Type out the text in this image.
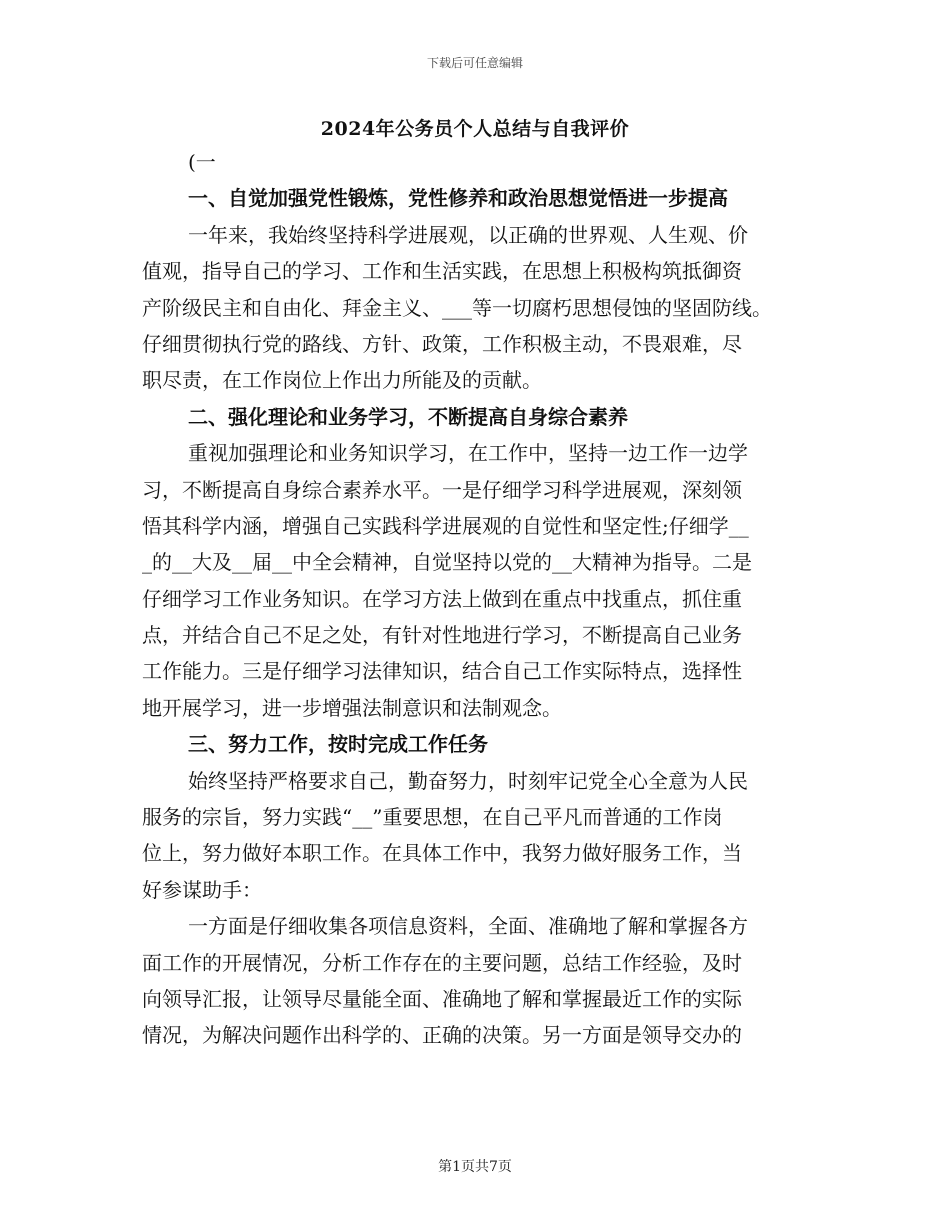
下载后可任意编辑
2024年公务员个人总结与自我评价
(一
一、自觉加强党性锻炼，党性修养和政治思想觉悟进一步提高
一年来，我始终坚持科学进展观，以正确的世界观、人生观、价
值观，指导自己的学习、工作和生活实践，在思想上积极构筑抵御资
产阶级民主和自由化、拜金主义、___等一切腐朽思想侵蚀的坚固防线。
仔细贯彻执行党的路线、方针、政策，工作积极主动，不畏艰难，尽
职尽责，在工作岗位上作出力所能及的贡献。
二、强化理论和业务学习，不断提高自身综合素养
重视加强理论和业务知识学习，在工作中，坚持一边工作一边学
习，不断提高自身综合素养水平。一是仔细学习科学进展观，深刻领
悟其科学内涵，增强自己实践科学进展观的自觉性和坚定性;仔细学__
_的__大及__届__中全会精神，自觉坚持以党的__大精神为指导。二是
仔细学习工作业务知识。在学习方法上做到在重点中找重点，抓住重
点，并结合自己不足之处，有针对性地进行学习，不断提高自己业务
工作能力。三是仔细学习法律知识，结合自己工作实际特点，选择性
地开展学习，进一步增强法制意识和法制观念。
三、努力工作，按时完成工作任务
始终坚持严格要求自己，勤奋努力，时刻牢记党全心全意为人民
服务的宗旨，努力实践“__”重要思想，在自己平凡而普通的工作岗
位上，努力做好本职工作。在具体工作中，我努力做好服务工作，当
好参谋助手：
一方面是仔细收集各项信息资料，全面、准确地了解和掌握各方
面工作的开展情况，分析工作存在的主要问题，总结工作经验，及时
向领导汇报，让领导尽量能全面、准确地了解和掌握最近工作的实际
情况，为解决问题作出科学的、正确的决策。另一方面是领导交办的
第1页共7页
